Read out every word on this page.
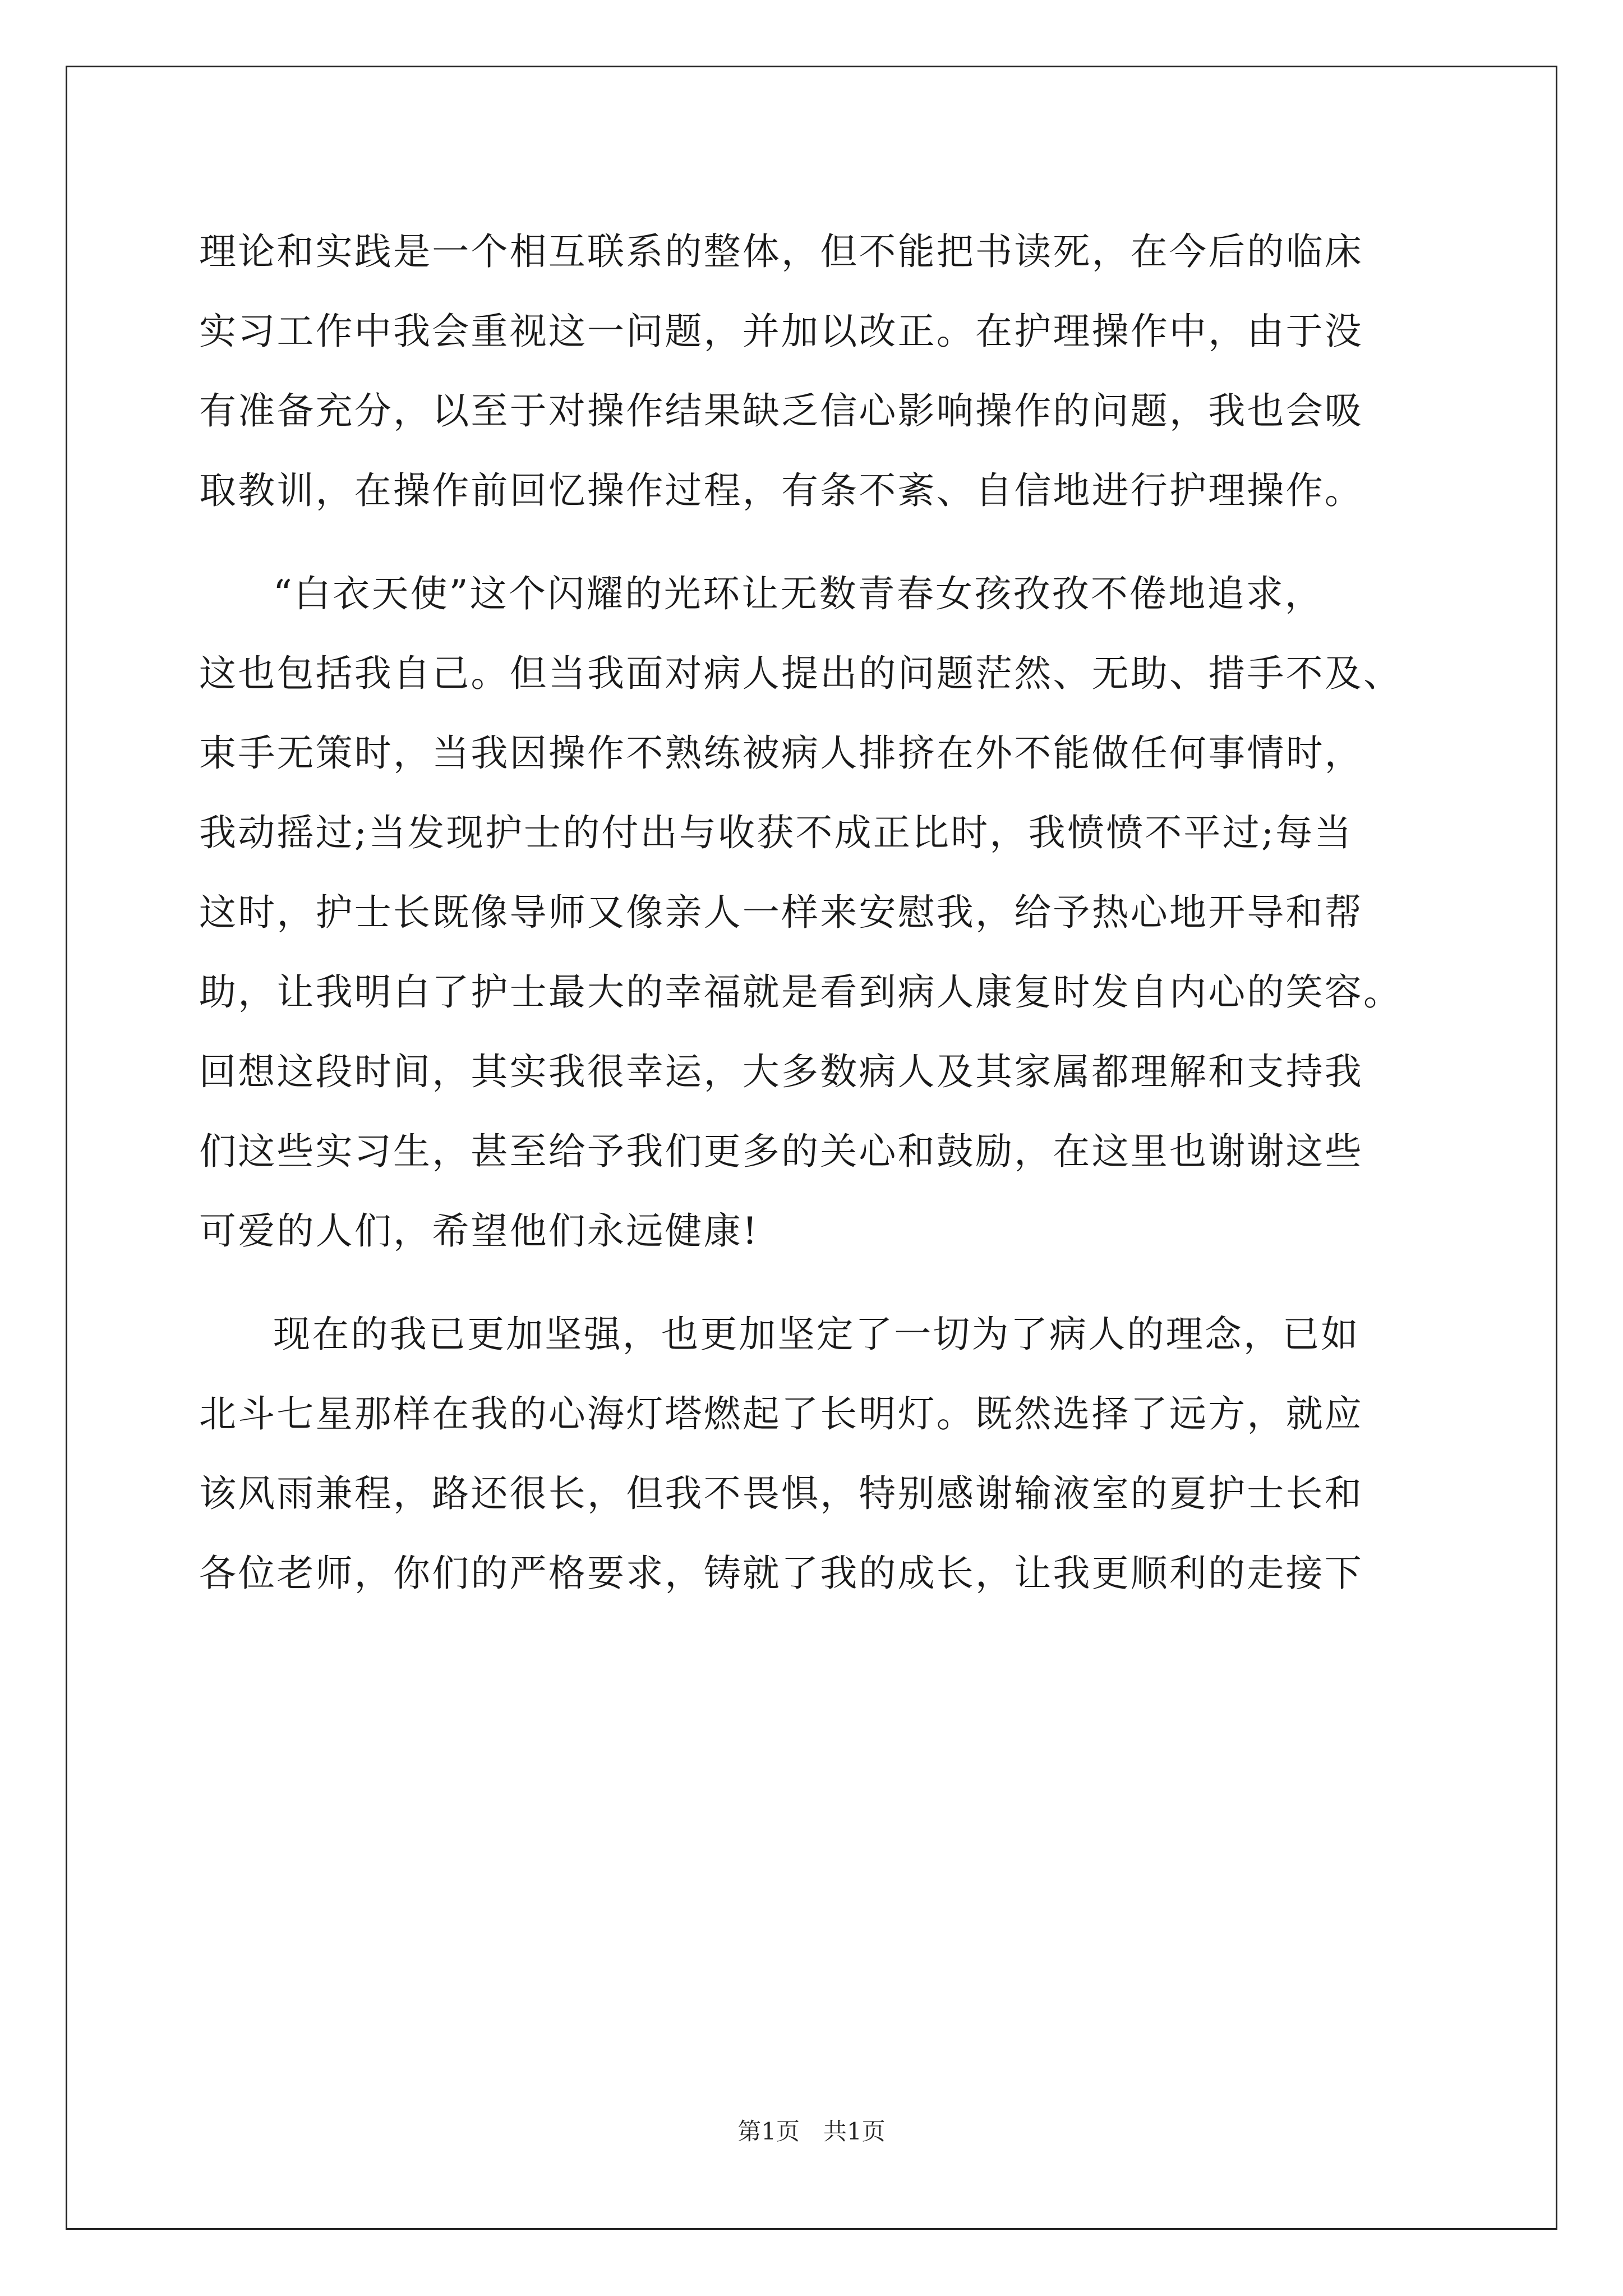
理论和实践是一个相互联系的整体，但不能把书读死，在今后的临床
实习工作中我会重视这一问题，并加以改正。在护理操作中，由于没
有准备充分，以至于对操作结果缺乏信心影响操作的问题，我也会吸
取教训，在操作前回忆操作过程，有条不紊、自信地进行护理操作。
“白衣天使”这个闪耀的光环让无数青春女孩孜孜不倦地追求，
这也包括我自己。但当我面对病人提出的问题茫然、无助、措手不及、
束手无策时，当我因操作不熟练被病人排挤在外不能做任何事情时，
我动摇过;当发现护士的付出与收获不成正比时，我愤愤不平过;每当
这时，护士长既像导师又像亲人一样来安慰我，给予热心地开导和帮
助，让我明白了护士最大的幸福就是看到病人康复时发自内心的笑容。
回想这段时间，其实我很幸运，大多数病人及其家属都理解和支持我
们这些实习生，甚至给予我们更多的关心和鼓励，在这里也谢谢这些
可爱的人们，希望他们永远健康!
现在的我已更加坚强，也更加坚定了一切为了病人的理念，已如
北斗七星那样在我的心海灯塔燃起了长明灯。既然选择了远方，就应
该风雨兼程，路还很长，但我不畏惧，特别感谢输液室的夏护士长和
各位老师，你们的严格要求，铸就了我的成长，让我更顺利的走接下
第1页　共1页
